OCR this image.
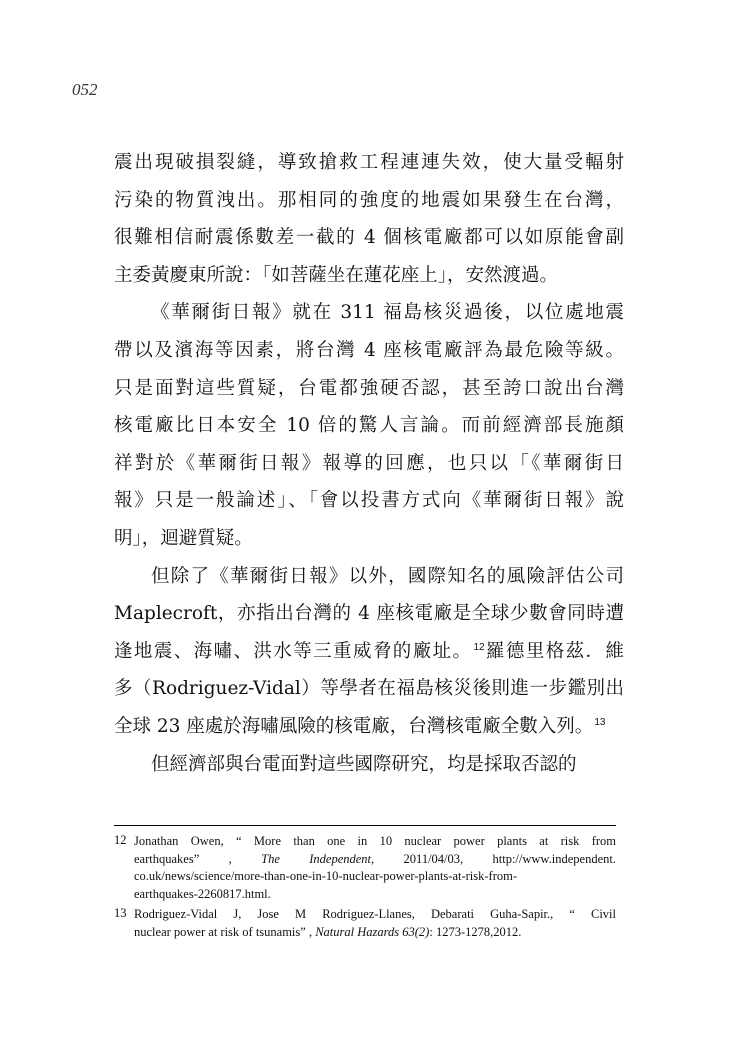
052
震出現破損裂縫，導致搶救工程連連失效，使大量受輻射
污染的物質洩出。那相同的強度的地震如果發生在台灣，
很難相信耐震係數差一截的 4 個核電廠都可以如原能會副
主委黃慶東所說：「如菩薩坐在蓮花座上」，安然渡過。
《華爾街日報》就在 311 福島核災過後，以位處地震
帶以及濱海等因素，將台灣 4 座核電廠評為最危險等級。
只是面對這些質疑，台電都強硬否認，甚至誇口說出台灣
核電廠比日本安全 10 倍的驚人言論。而前經濟部長施顏
祥對於《華爾街日報》報導的回應，也只以「《華爾街日
報》只是一般論述」、「會以投書方式向《華爾街日報》說
明」，迴避質疑。
但除了《華爾街日報》以外，國際知名的風險評估公司
Maplecroft，亦指出台灣的 4 座核電廠是全球少數會同時遭
逢地震、海嘯、洪水等三重威脅的廠址。$^{12}$羅德里格茲．維
多（Rodriguez-Vidal）等學者在福島核災後則進一步鑑別出
全球 23 座處於海嘯風險的核電廠，台灣核電廠全數入列。$^{13}$
但經濟部與台電面對這些國際研究，均是採取否認的
12 Jonathan Owen, “ More than one in 10 nuclear power plants at risk from
earthquakes” , The Independent, 2011/04/03, http://www.independent.
co.uk/news/science/more-than-one-in-10-nuclear-power-plants-at-risk-from-
earthquakes-2260817.html.
13 Rodriguez-Vidal J, Jose M Rodriguez-Llanes, Debarati Guha-Sapir., “ Civil
nuclear power at risk of tsunamis” , Natural Hazards 63(2): 1273-1278,2012.
